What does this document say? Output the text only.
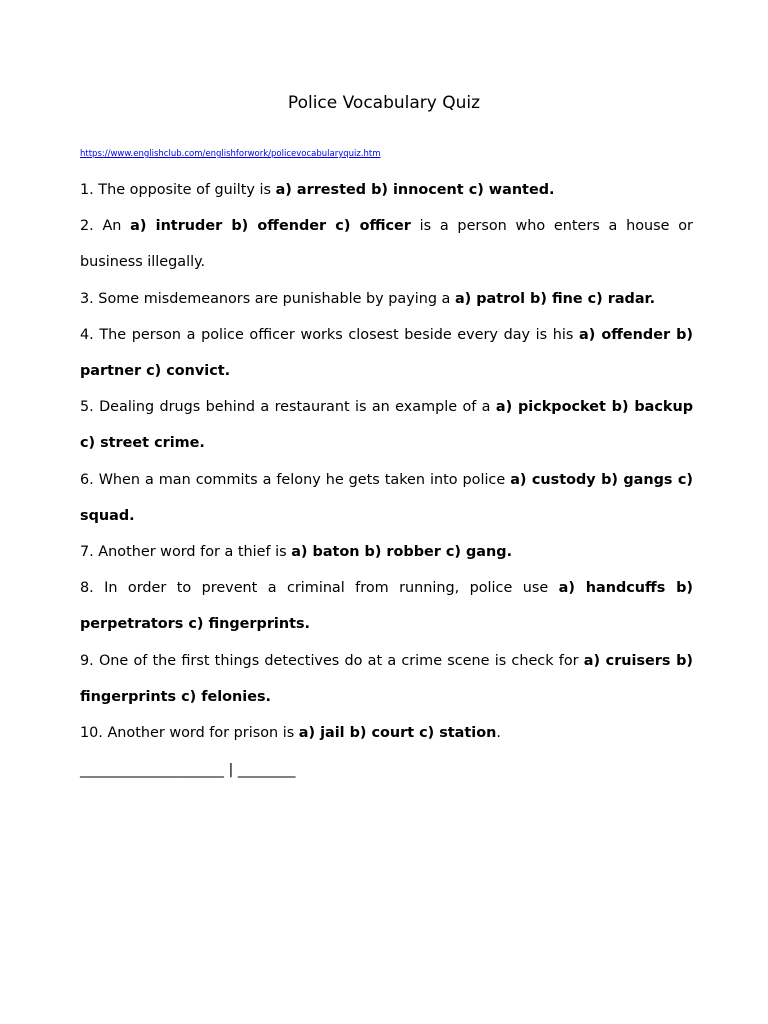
Police Vocabulary Quiz
https://www.englishclub.com/englishforwork/policevocabularyquiz.htm

1. The opposite of guilty is a) arrested b) innocent c) wanted.

2. An a) intruder b) offender c) officer is a person who enters a house or business illegally.

3. Some misdemeanors are punishable by paying a a) patrol b) fine c) radar.

4. The person a police officer works closest beside every day is his a) offender b) partner c) convict.

5. Dealing drugs behind a restaurant is an example of a a) pickpocket b) backup c) street crime.

6. When a man commits a felony he gets taken into police a) custody b) gangs c) squad.

7. Another word for a thief is a) baton b) robber c) gang.

8. In order to prevent a criminal from running, police use a) handcuffs b) perpetrators c) fingerprints.

9. One of the first things detectives do at a crime scene is check for a) cruisers b) fingerprints c) felonies.

10. Another word for prison is a) jail b) court c) station.

____________________ | ________
